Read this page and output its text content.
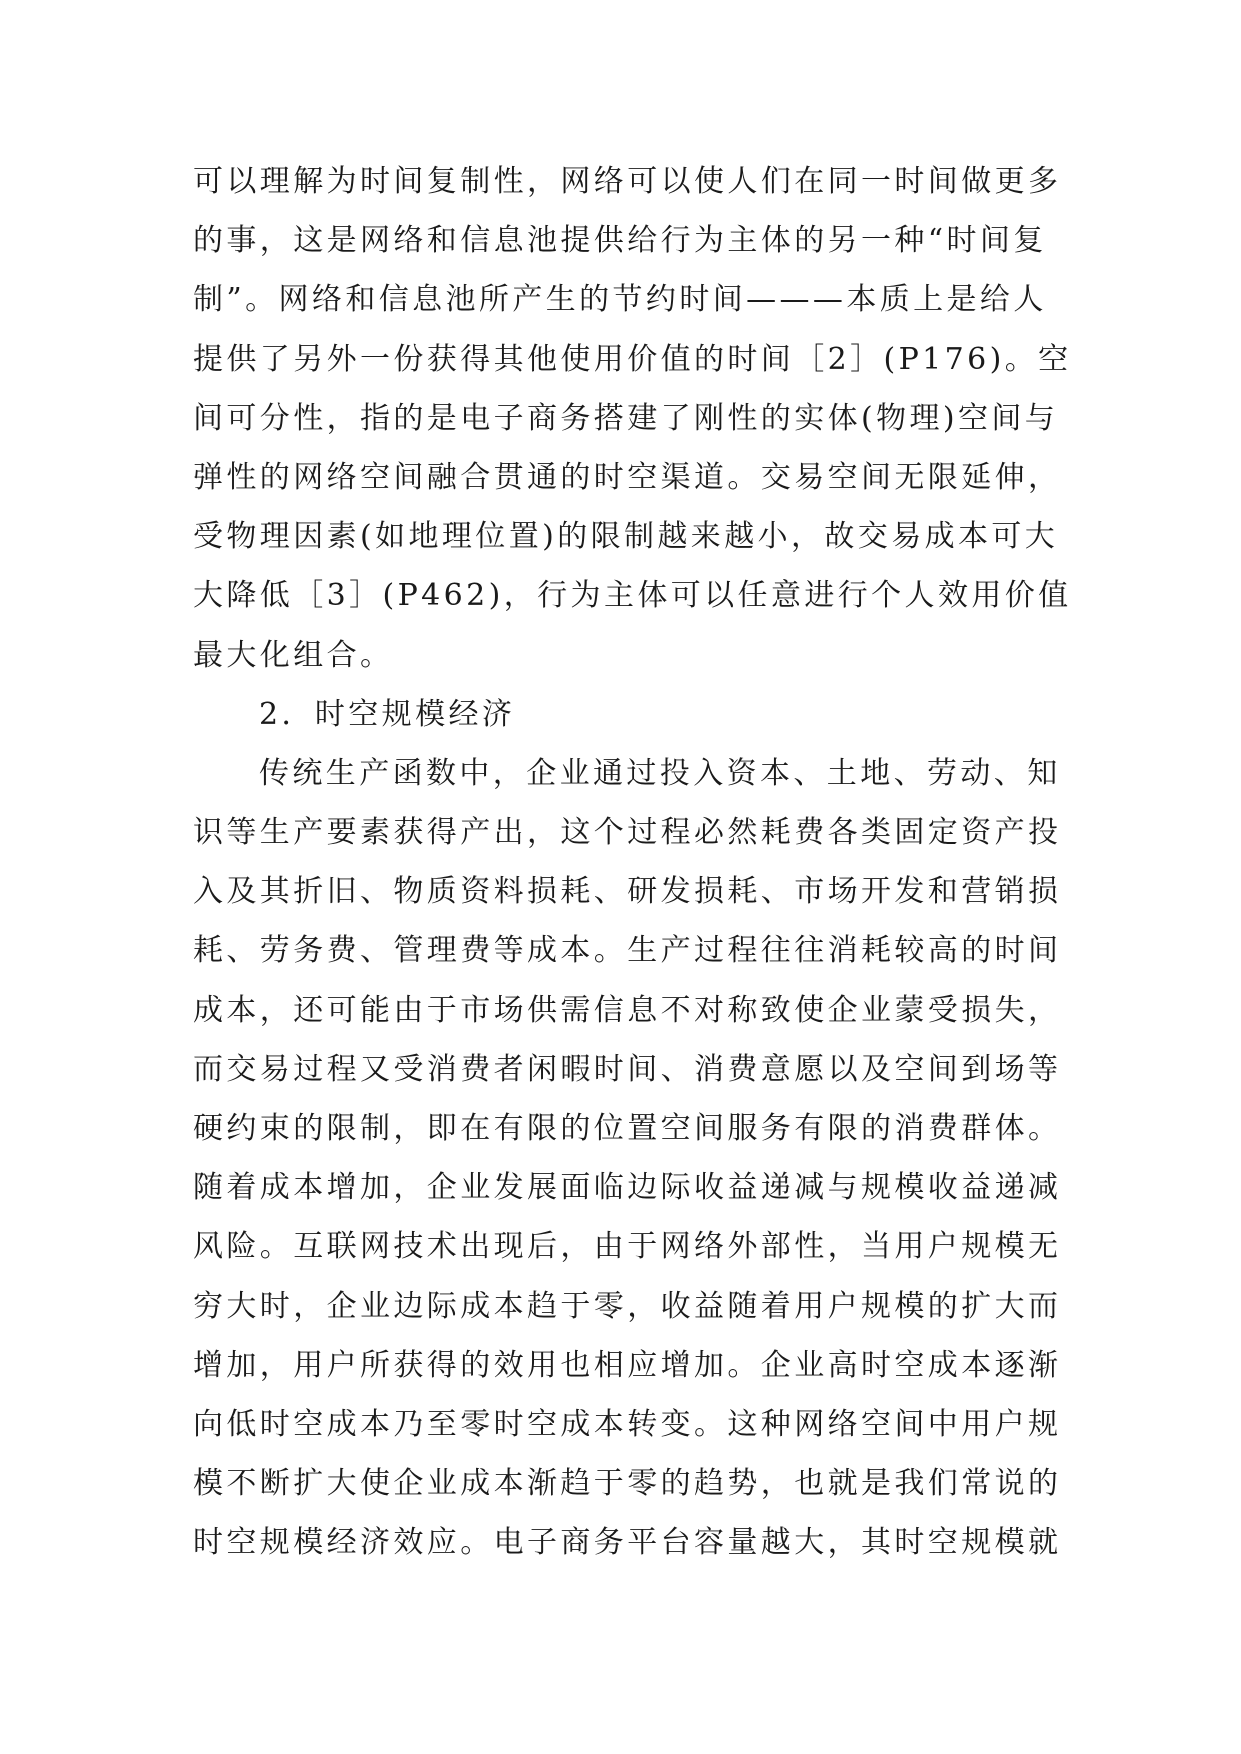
可以理解为时间复制性，网络可以使人们在同一时间做更多
的事，这是网络和信息池提供给行为主体的另一种“时间复
制”。网络和信息池所产生的节约时间———本质上是给人
提供了另外一份获得其他使用价值的时间［2］(P176)。空
间可分性，指的是电子商务搭建了刚性的实体(物理)空间与
弹性的网络空间融合贯通的时空渠道。交易空间无限延伸，
受物理因素(如地理位置)的限制越来越小，故交易成本可大
大降低［3］(P462)，行为主体可以任意进行个人效用价值
最大化组合。
2．时空规模经济
传统生产函数中，企业通过投入资本、土地、劳动、知
识等生产要素获得产出，这个过程必然耗费各类固定资产投
入及其折旧、物质资料损耗、研发损耗、市场开发和营销损
耗、劳务费、管理费等成本。生产过程往往消耗较高的时间
成本，还可能由于市场供需信息不对称致使企业蒙受损失，
而交易过程又受消费者闲暇时间、消费意愿以及空间到场等
硬约束的限制，即在有限的位置空间服务有限的消费群体。
随着成本增加，企业发展面临边际收益递减与规模收益递减
风险。互联网技术出现后，由于网络外部性，当用户规模无
穷大时，企业边际成本趋于零，收益随着用户规模的扩大而
增加，用户所获得的效用也相应增加。企业高时空成本逐渐
向低时空成本乃至零时空成本转变。这种网络空间中用户规
模不断扩大使企业成本渐趋于零的趋势，也就是我们常说的
时空规模经济效应。电子商务平台容量越大，其时空规模就
